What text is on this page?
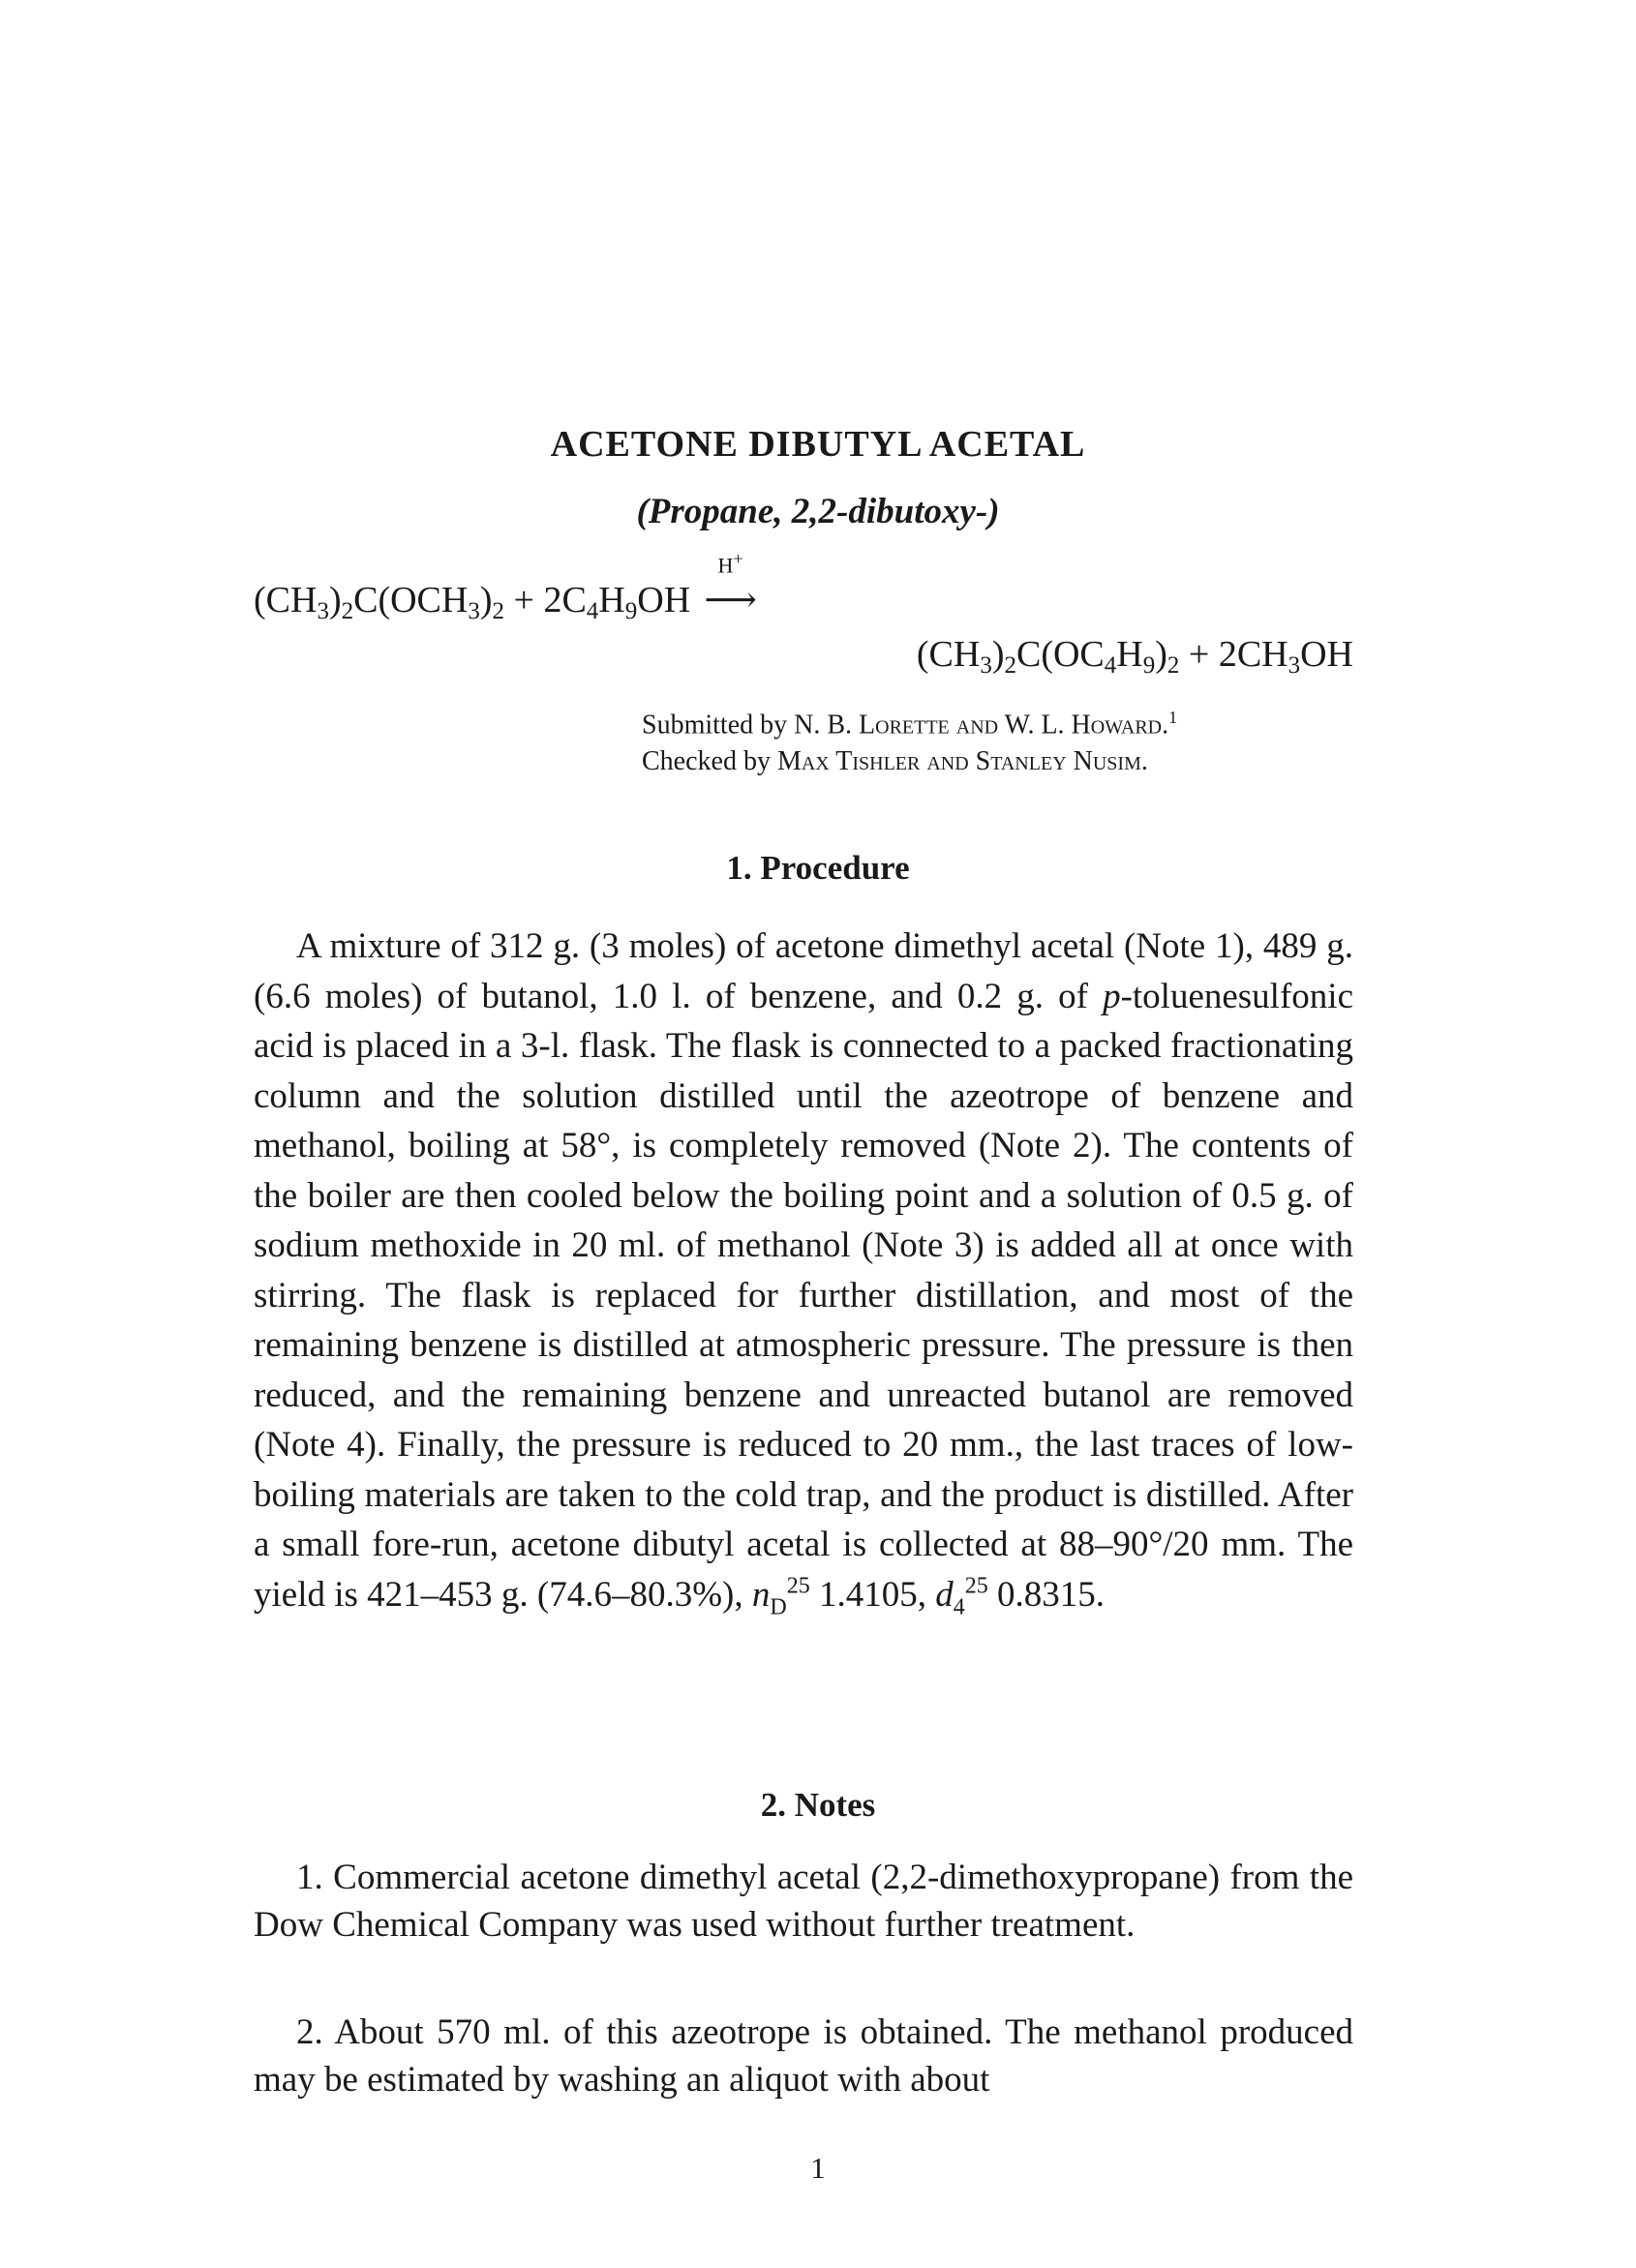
ACETONE DIBUTYL ACETAL
(Propane, 2,2-dibutoxy-)
$(CH_3)_2C(OCH_3)_2 + 2C_4H_9OH$
H+
⟶
$(CH_3)_2C(OC_4H_9)_2 + 2CH_3OH$
Submitted by N. B. Lorette and W. L. Howard.$^1$
Checked by Max Tishler and Stanley Nusim.
1. Procedure
A mixture of 312 g. (3 moles) of acetone dimethyl acetal (Note 1), 489 g. (6.6 moles) of butanol, 1.0 l. of benzene, and 0.2 g. of p-toluenesulfonic acid is placed in a 3-l. flask. The flask is connected to a packed fractionating column and the solution distilled until the azeotrope of benzene and methanol, boiling at 58°, is completely removed (Note 2). The contents of the boiler are then cooled below the boiling point and a solution of 0.5 g. of sodium methoxide in 20 ml. of methanol (Note 3) is added all at once with stirring. The flask is replaced for further distillation, and most of the remaining benzene is distilled at atmospheric pressure. The pressure is then reduced, and the remaining benzene and unreacted butanol are removed (Note 4). Finally, the pressure is reduced to 20 mm., the last traces of low-boiling materials are taken to the cold trap, and the product is distilled. After a small fore-run, acetone dibutyl acetal is collected at 88–90°/20 mm. The yield is 421–453 g. (74.6–80.3%), $n_D^{25}$ 1.4105, $d_4^{25}$ 0.8315.
2. Notes
1. Commercial acetone dimethyl acetal (2,2-dimethoxypropane) from the Dow Chemical Company was used without further treatment.
2. About 570 ml. of this azeotrope is obtained. The methanol produced may be estimated by washing an aliquot with about
1
